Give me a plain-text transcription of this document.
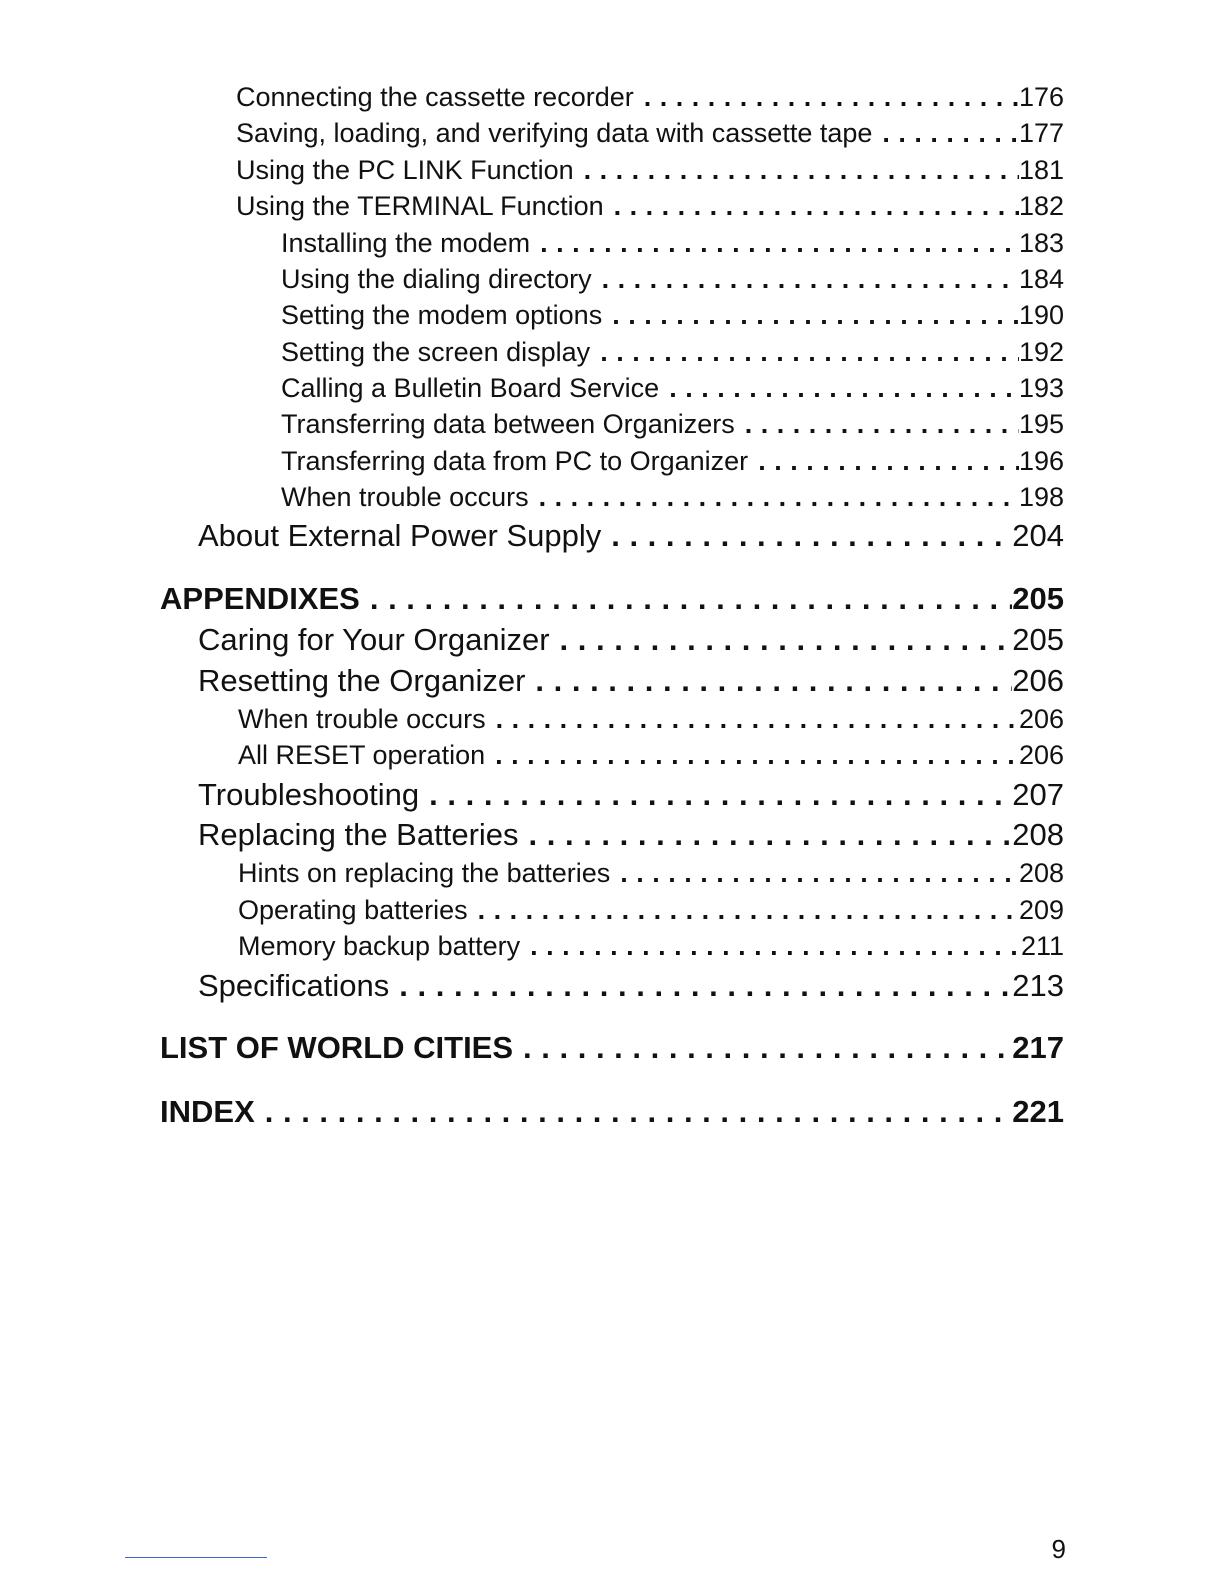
Connecting the cassette recorder . . .	176
Saving, loading, and verifying data with cassette tape . . .	177
Using the PC LINK Function . . .	181
Using the TERMINAL Function . . .	182
Installing the modem . . .	183
Using the dialing directory . . .	184
Setting the modem options . . .	190
Setting the screen display . . .	192
Calling a Bulletin Board Service . . .	193
Transferring data between Organizers . . .	195
Transferring data from PC to Organizer . . .	196
When trouble occurs . . .	198
About External Power Supply . . .	204
APPENDIXES . . .	205
Caring for Your Organizer . . .	205
Resetting the Organizer . . .	206
When trouble occurs . . .	206
All RESET operation . . .	206
Troubleshooting . . .	207
Replacing the Batteries . . .	208
Hints on replacing the batteries . . .	208
Operating batteries . . .	209
Memory backup battery . . .	211
Specifications . . .	213
LIST OF WORLD CITIES . . .	217
INDEX . . .	221
9
